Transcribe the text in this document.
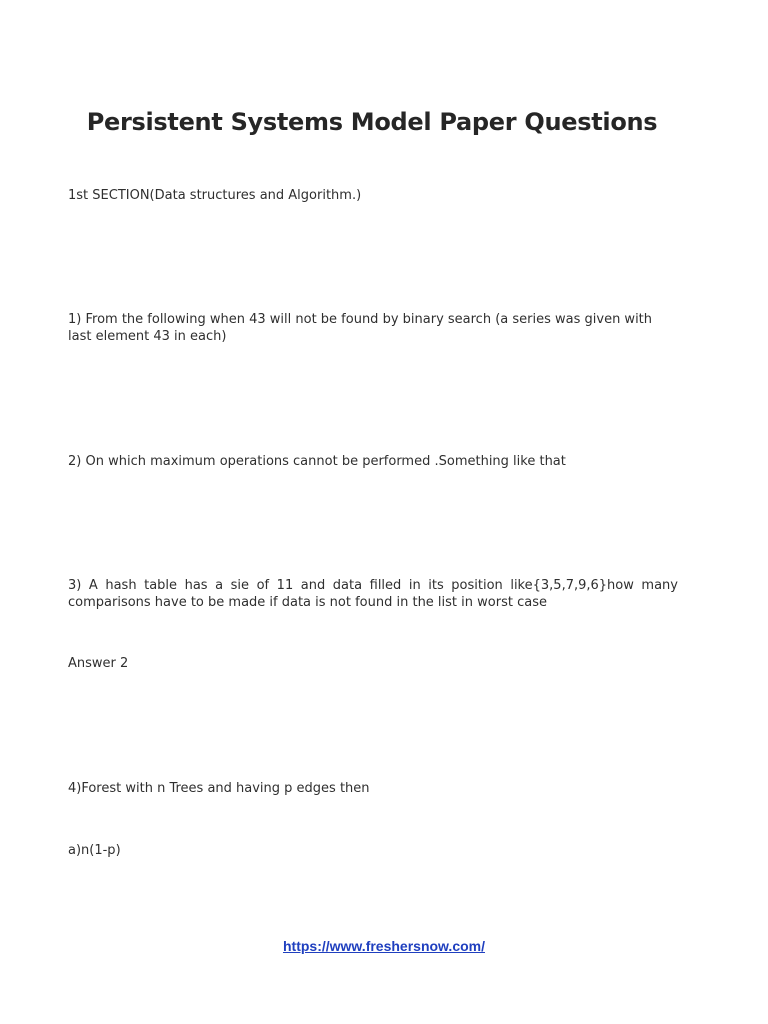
Persistent Systems Model Paper Questions

1st SECTION(Data structures and Algorithm.)

1) From the following when 43 will not be found by binary search (a series was given with last element 43 in each)

2) On which maximum operations cannot be performed .Something like that

3) A hash table has a sie of 11 and data filled in its position like{3,5,7,9,6}how many comparisons have to be made if data is not found in the list in worst case

Answer 2

4)Forest with n Trees and having p edges then

a)n(1-p)

https://www.freshersnow.com/
